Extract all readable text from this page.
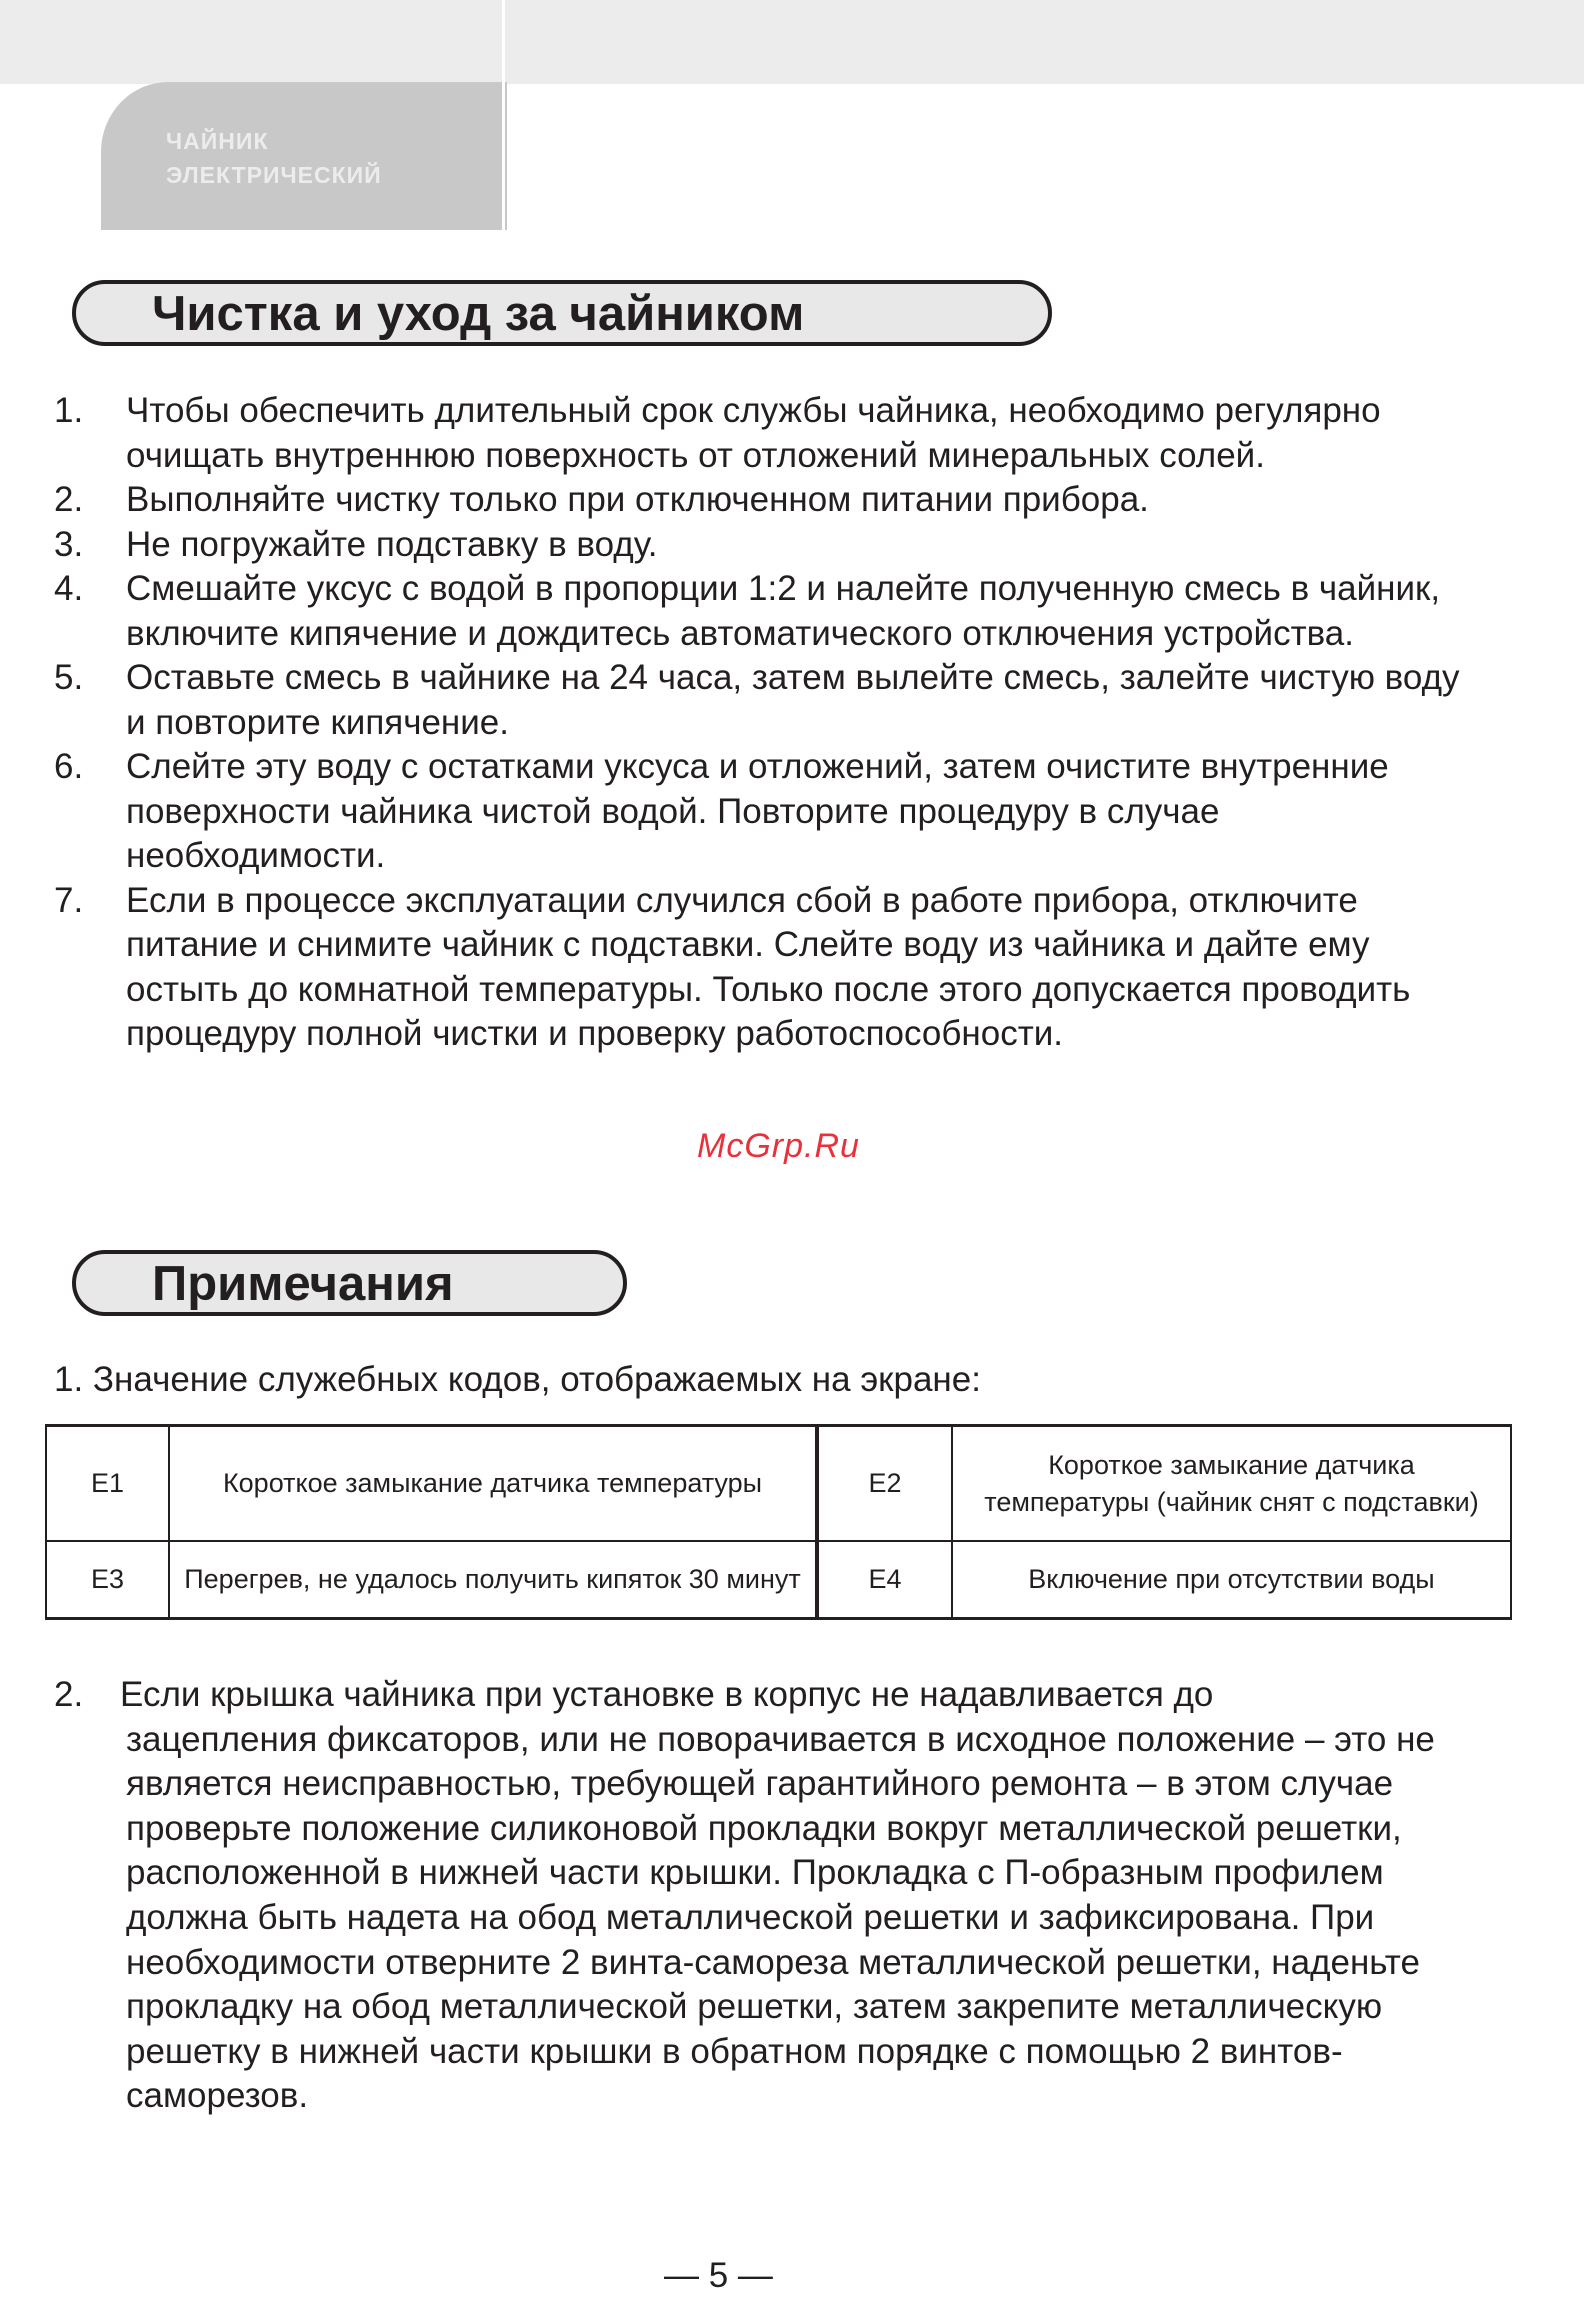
ЧАЙНИК
ЭЛЕКТРИЧЕСКИЙ
Чистка и уход за чайником
1. Чтобы обеспечить длительный срок службы чайника, необходимо регулярно очищать внутреннюю поверхность от отложений минеральных солей.
2. Выполняйте чистку только при отключенном питании прибора.
3. Не погружайте подставку в воду.
4. Смешайте уксус с водой в пропорции 1:2 и налейте полученную смесь в чайник, включите кипячение и дождитесь автоматического отключения устройства.
5. Оставьте смесь в чайнике на 24 часа, затем вылейте смесь, залейте чистую воду и повторите кипячение.
6. Слейте эту воду с остатками уксуса и отложений, затем очистите внутренние поверхности чайника чистой водой. Повторите процедуру в случае необходимости.
7. Если в процессе эксплуатации случился сбой в работе прибора, отключите питание и снимите чайник с подставки. Слейте воду из чайника и дайте ему остыть до комнатной температуры. Только после этого допускается проводить процедуру полной чистки и проверку работоспособности.
McGrp.Ru
Примечания
1. Значение служебных кодов, отображаемых на экране:
E1	Короткое замыкание датчика температуры	E2	Короткое замыкание датчика температуры (чайник снят с подставки)
E3	Перегрев, не удалось получить кипяток 30 минут	E4	Включение при отсутствии воды
2. Если крышка чайника при установке в корпус не надавливается до
зацепления фиксаторов, или не поворачивается в исходное положение – это не является неисправностью, требующей гарантийного ремонта – в этом случае проверьте положение силиконовой прокладки вокруг металлической решетки, расположенной в нижней части крышки. Прокладка с П-образным профилем должна быть надета на обод металлической решетки и зафиксирована. При необходимости отверните 2 винта-самореза металлической решетки, наденьте прокладку на обод металлической решетки, затем закрепите металлическую решетку в нижней части крышки в обратном порядке с помощью 2 винтов-саморезов.
— 5 —
